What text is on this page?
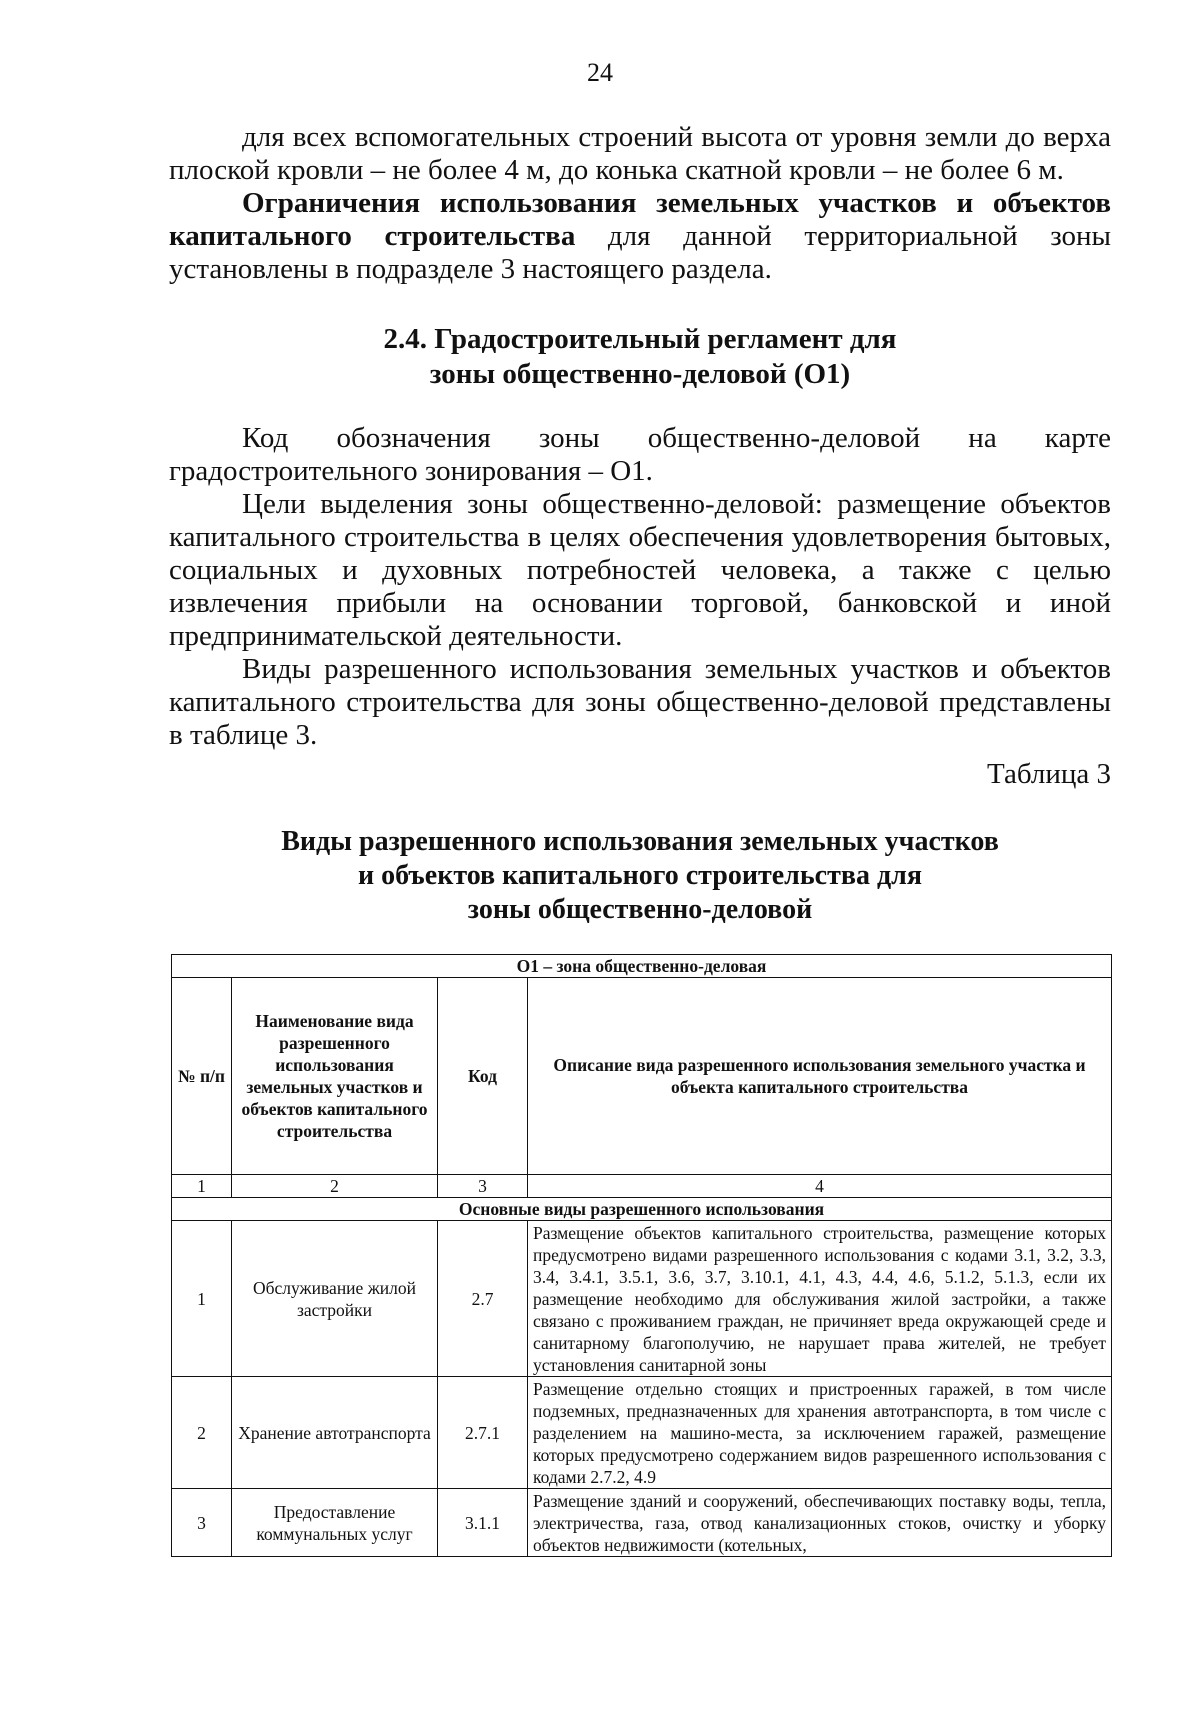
24

для всех вспомогательных строений высота от уровня земли до верха плоской кровли – не более 4 м, до конька скатной кровли – не более 6 м.

Ограничения использования земельных участков и объектов капитального строительства для данной территориальной зоны установлены в подразделе 3 настоящего раздела.

2.4. Градостроительный регламент для
зоны общественно-деловой (О1)

Код обозначения зоны общественно-деловой на карте градостроительного зонирования – О1.

Цели выделения зоны общественно-деловой: размещение объектов капитального строительства в целях обеспечения удовлетворения бытовых, социальных и духовных потребностей человека, а также с целью извлечения прибыли на основании торговой, банковской и иной предпринимательской деятельности.

Виды разрешенного использования земельных участков и объектов капитального строительства для зоны общественно-деловой представлены в таблице 3.

Таблица 3
Виды разрешенного использования земельных участков
и объектов капитального строительства для
зоны общественно-деловой
О1 – зона общественно-деловая			
№ п/п	Наименование вида разрешенного использования земельных участков и объектов капитального строительства	Код	Описание вида разрешенного использования земельного участка и объекта капитального строительства
1	2	3	4
Основные виды разрешенного использования			
1	Обслуживание жилой застройки	2.7	Размещение объектов капитального строительства, размещение которых предусмотрено видами разрешенного использования с кодами 3.1, 3.2, 3.3, 3.4, 3.4.1, 3.5.1, 3.6, 3.7, 3.10.1, 4.1, 4.3, 4.4, 4.6, 5.1.2, 5.1.3, если их размещение необходимо для обслуживания жилой застройки, а также связано с проживанием граждан, не причиняет вреда окружающей среде и санитарному благополучию, не нарушает права жителей, не требует установления санитарной зоны
2	Хранение автотранспорта	2.7.1	Размещение отдельно стоящих и пристроенных гаражей, в том числе подземных, предназначенных для хранения автотранспорта, в том числе с разделением на машино-места, за исключением гаражей, размещение которых предусмотрено содержанием видов разрешенного использования с кодами 2.7.2, 4.9
3	Предоставление коммунальных услуг	3.1.1	Размещение зданий и сооружений, обеспечивающих поставку воды, тепла, электричества, газа, отвод канализационных стоков, очистку и уборку объектов недвижимости (котельных,
